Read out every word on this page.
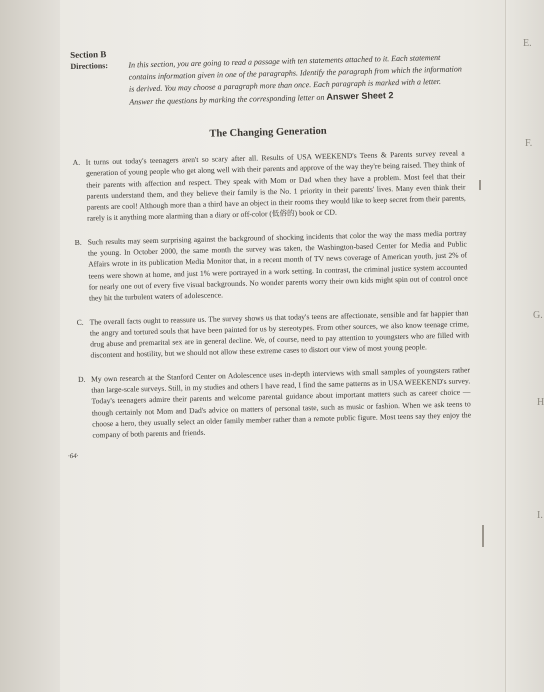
E.
F.
G.
H
I.
Section B
Directions:	In this section, you are going to read a passage with ten statements attached to it. Each statement contains information given in one of the paragraphs. Identify the paragraph from which the information is derived. You may choose a paragraph more than once. Each paragraph is marked with a letter. Answer the questions by marking the corresponding letter on Answer Sheet 2
The Changing Generation
A. It turns out today's teenagers aren't so scary after all. Results of USA WEEKEND's Teens & Parents survey reveal a generation of young people who get along well with their parents and approve of the way they're being raised. They think of their parents with affection and respect. They speak with Mom or Dad when they have a problem. Most feel that their parents understand them, and they believe their family is the No. 1 priority in their parents' lives. Many even think their parents are cool! Although more than a third have an object in their rooms they would like to keep secret from their parents, rarely is it anything more alarming than a diary or off-color (低俗的) book or CD.
B. Such results may seem surprising against the background of shocking incidents that color the way the mass media portray the young. In October 2000, the same month the survey was taken, the Washington-based Center for Media and Public Affairs wrote in its publication Media Monitor that, in a recent month of TV news coverage of American youth, just 2% of teens were shown at home, and just 1% were portrayed in a work setting. In contrast, the criminal justice system accounted for nearly one out of every five visual backgrounds. No wonder parents worry their own kids might spin out of control once they hit the turbulent waters of adolescence.
C. The overall facts ought to reassure us. The survey shows us that today's teens are affectionate, sensible and far happier than the angry and tortured souls that have been painted for us by stereotypes. From other sources, we also know teenage crime, drug abuse and premarital sex are in general decline. We, of course, need to pay attention to youngsters who are filled with discontent and hostility, but we should not allow these extreme cases to distort our view of most young people.
D. My own research at the Stanford Center on Adolescence uses in-depth interviews with small samples of youngsters rather than large-scale surveys. Still, in my studies and others I have read, I find the same patterns as in USA WEEKEND's survey. Today's teenagers admire their parents and welcome parental guidance about important matters such as career choice — though certainly not Mom and Dad's advice on matters of personal taste, such as music or fashion. When we ask teens to choose a hero, they usually select an older family member rather than a remote public figure. Most teens say they enjoy the company of both parents and friends.
·64·
